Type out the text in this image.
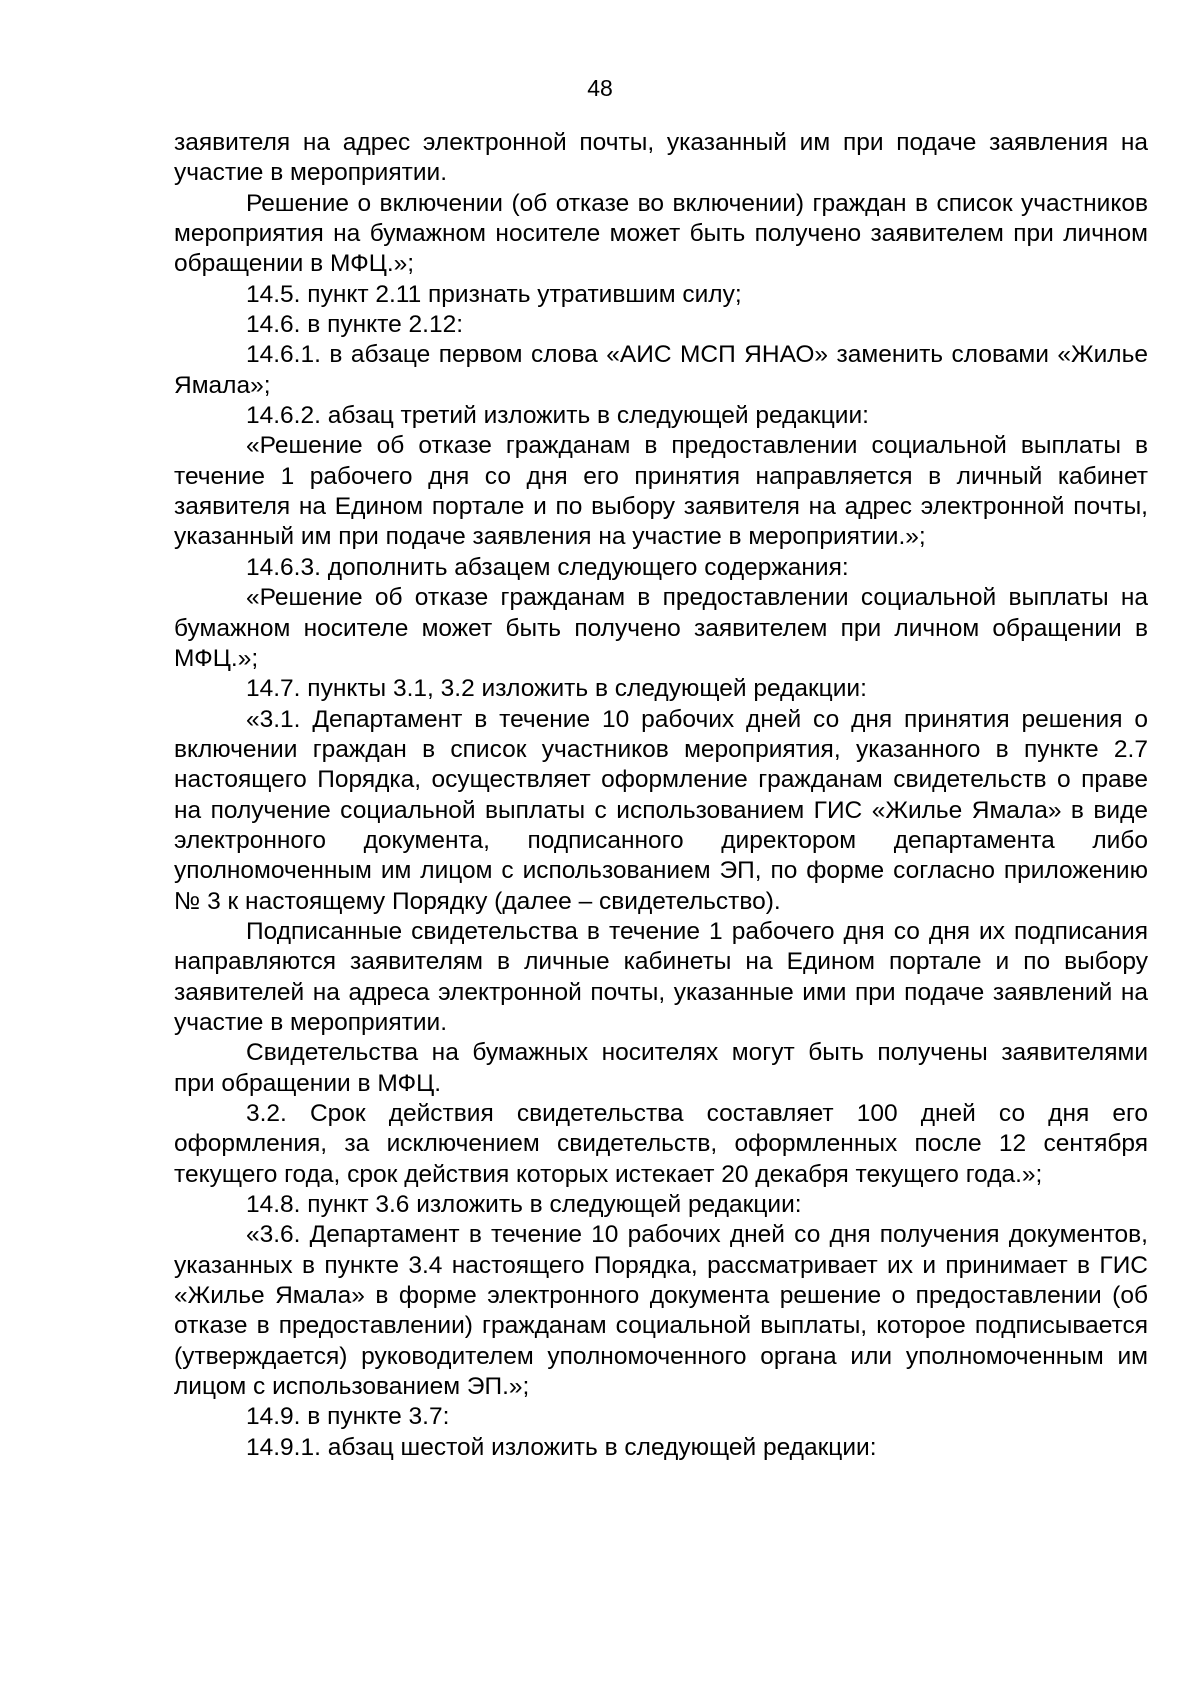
48

заявителя на адрес электронной почты, указанный им при подаче заявления на участие в мероприятии.

Решение о включении (об отказе во включении) граждан в список участников мероприятия на бумажном носителе может быть получено заявителем при личном обращении в МФЦ.»;

14.5. пункт 2.11 признать утратившим силу;

14.6. в пункте 2.12:

14.6.1. в абзаце первом слова «АИС МСП ЯНАО» заменить словами «Жилье Ямала»;

14.6.2. абзац третий изложить в следующей редакции:

«Решение об отказе гражданам в предоставлении социальной выплаты в течение 1 рабочего дня со дня его принятия направляется в личный кабинет заявителя на Едином портале и по выбору заявителя на адрес электронной почты, указанный им при подаче заявления на участие в мероприятии.»;

14.6.3. дополнить абзацем следующего содержания:

«Решение об отказе гражданам в предоставлении социальной выплаты на бумажном носителе может быть получено заявителем при личном обращении в МФЦ.»;

14.7. пункты 3.1, 3.2 изложить в следующей редакции:

«3.1. Департамент в течение 10 рабочих дней со дня принятия решения о включении граждан в список участников мероприятия, указанного в пункте 2.7 настоящего Порядка, осуществляет оформление гражданам свидетельств о праве на получение социальной выплаты с использованием ГИС «Жилье Ямала» в виде электронного документа, подписанного директором департамента либо уполномоченным им лицом с использованием ЭП, по форме согласно приложению № 3 к настоящему Порядку (далее – свидетельство).

Подписанные свидетельства в течение 1 рабочего дня со дня их подписания направляются заявителям в личные кабинеты на Едином портале и по выбору заявителей на адреса электронной почты, указанные ими при подаче заявлений на участие в мероприятии.

Свидетельства на бумажных носителях могут быть получены заявителями при обращении в МФЦ.

3.2. Срок действия свидетельства составляет 100 дней со дня его оформления, за исключением свидетельств, оформленных после 12 сентября текущего года, срок действия которых истекает 20 декабря текущего года.»;

14.8. пункт 3.6 изложить в следующей редакции:

«3.6. Департамент в течение 10 рабочих дней со дня получения документов, указанных в пункте 3.4 настоящего Порядка, рассматривает их и принимает в ГИС «Жилье Ямала» в форме электронного документа решение о предоставлении (об отказе в предоставлении) гражданам социальной выплаты, которое подписывается (утверждается) руководителем уполномоченного органа или уполномоченным им лицом с использованием ЭП.»;

14.9. в пункте 3.7:

14.9.1. абзац шестой изложить в следующей редакции:
